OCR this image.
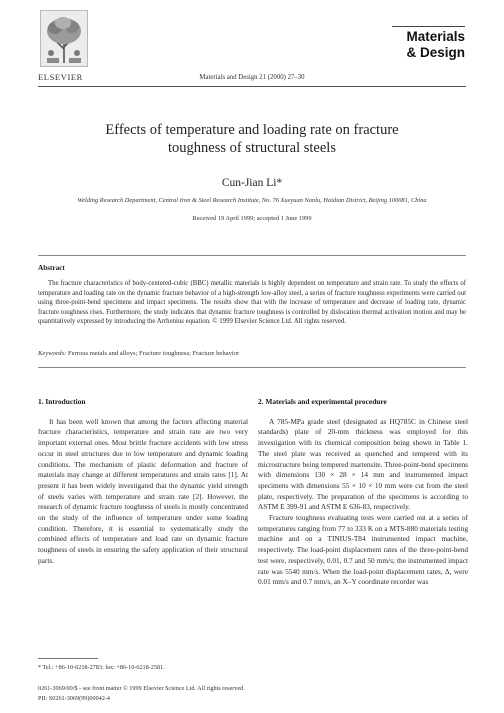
ELSEVIER	Materials and Design 21 (2000) 27–30
Materials
& Design
Effects of temperature and loading rate on fracture
toughness of structural steels
Cun-Jian Li*
Welding Research Department, Central Iron & Steel Research Institute, No. 76 Xueyuan Nanlu, Haidian District, Beijing 100081, China
Received 19 April 1999; accepted 1 June 1999
Abstract
The fracture characteristics of body-centered-cubic (BBC) metallic materials is highly dependent on temperature and strain rate. To study the effects of temperature and loading rate on the dynamic fracture behavior of a high-strength low-alloy steel, a series of fracture toughness experiments were carried out using three-point-bend specimens and impact specimens. The results show that with the increase of temperature and decrease of loading rate, dynamic fracture toughness rises. Furthermore, the study indicates that dynamic fracture toughness is controlled by dislocation thermal activation motion and may be quantitatively expressed by introducing the Arrhenius equation. © 1999 Elsevier Science Ltd. All rights reserved.
Keywords: Ferrous metals and alloys; Fracture toughness; Fracture behavior
1. Introduction

It has been well known that among the factors affecting material fracture characteristics, temperature and strain rate are two very important external ones. Most brittle fracture accidents with low stress occur in steel structures due to low temperature and dynamic loading conditions. The mechanism of plastic deformation and fracture of materials may change at different temperatures and strain rates [1]. At present it has been widely investigated that the dynamic yield strength of steels varies with temperature and strain rate [2]. However, the research of dynamic fracture toughness of steels is mostly concentrated on the study of the influence of temperature under some loading condition. Therefore, it is essential to systematically study the combined effects of temperature and load rate on dynamic fracture toughness of steels in ensuring the safety application of their structural parts.

2. Materials and experimental procedure

A 785-MPa grade steel (designated as HQ785C in Chinese steel standards) plate of 20-mm thickness was employed for this investigation with its chemical composition being shown in Table 1. The steel plate was received as quenched and tempered with its microstructure being tempered martensite. Three-point-bend specimens with dimensions 130 × 28 × 14 mm and instrumented impact specimens with dimensions 55 × 10 × 10 mm were cut from the steel plate, respectively. The preparation of the specimens is according to ASTM E 399-91 and ASTM E 636-83, respectively.

Fracture toughness evaluating tests were carried out at a series of temperatures ranging from 77 to 333 K on a MTS-880 materials testing machine and on a TINIUS-T84 instrumented impact machine, respectively. The load-point displacement rates of the three-point-bend test were, respectively, 0.01, 0.7 and 50 mm/s; the instrumented impact rate was 5540 mm/s. When the load-point displacement rates, Δ, were 0.01 mm/s and 0.7 mm/s, an X–Y coordinate recorder was

* Tel.: +86-10-6218-2783; fax: +86-10-6218-2581.
0261-3069/00/$ - see front matter © 1999 Elsevier Science Ltd. All rights reserved.
PII: S0261-3069(99)00042-4
